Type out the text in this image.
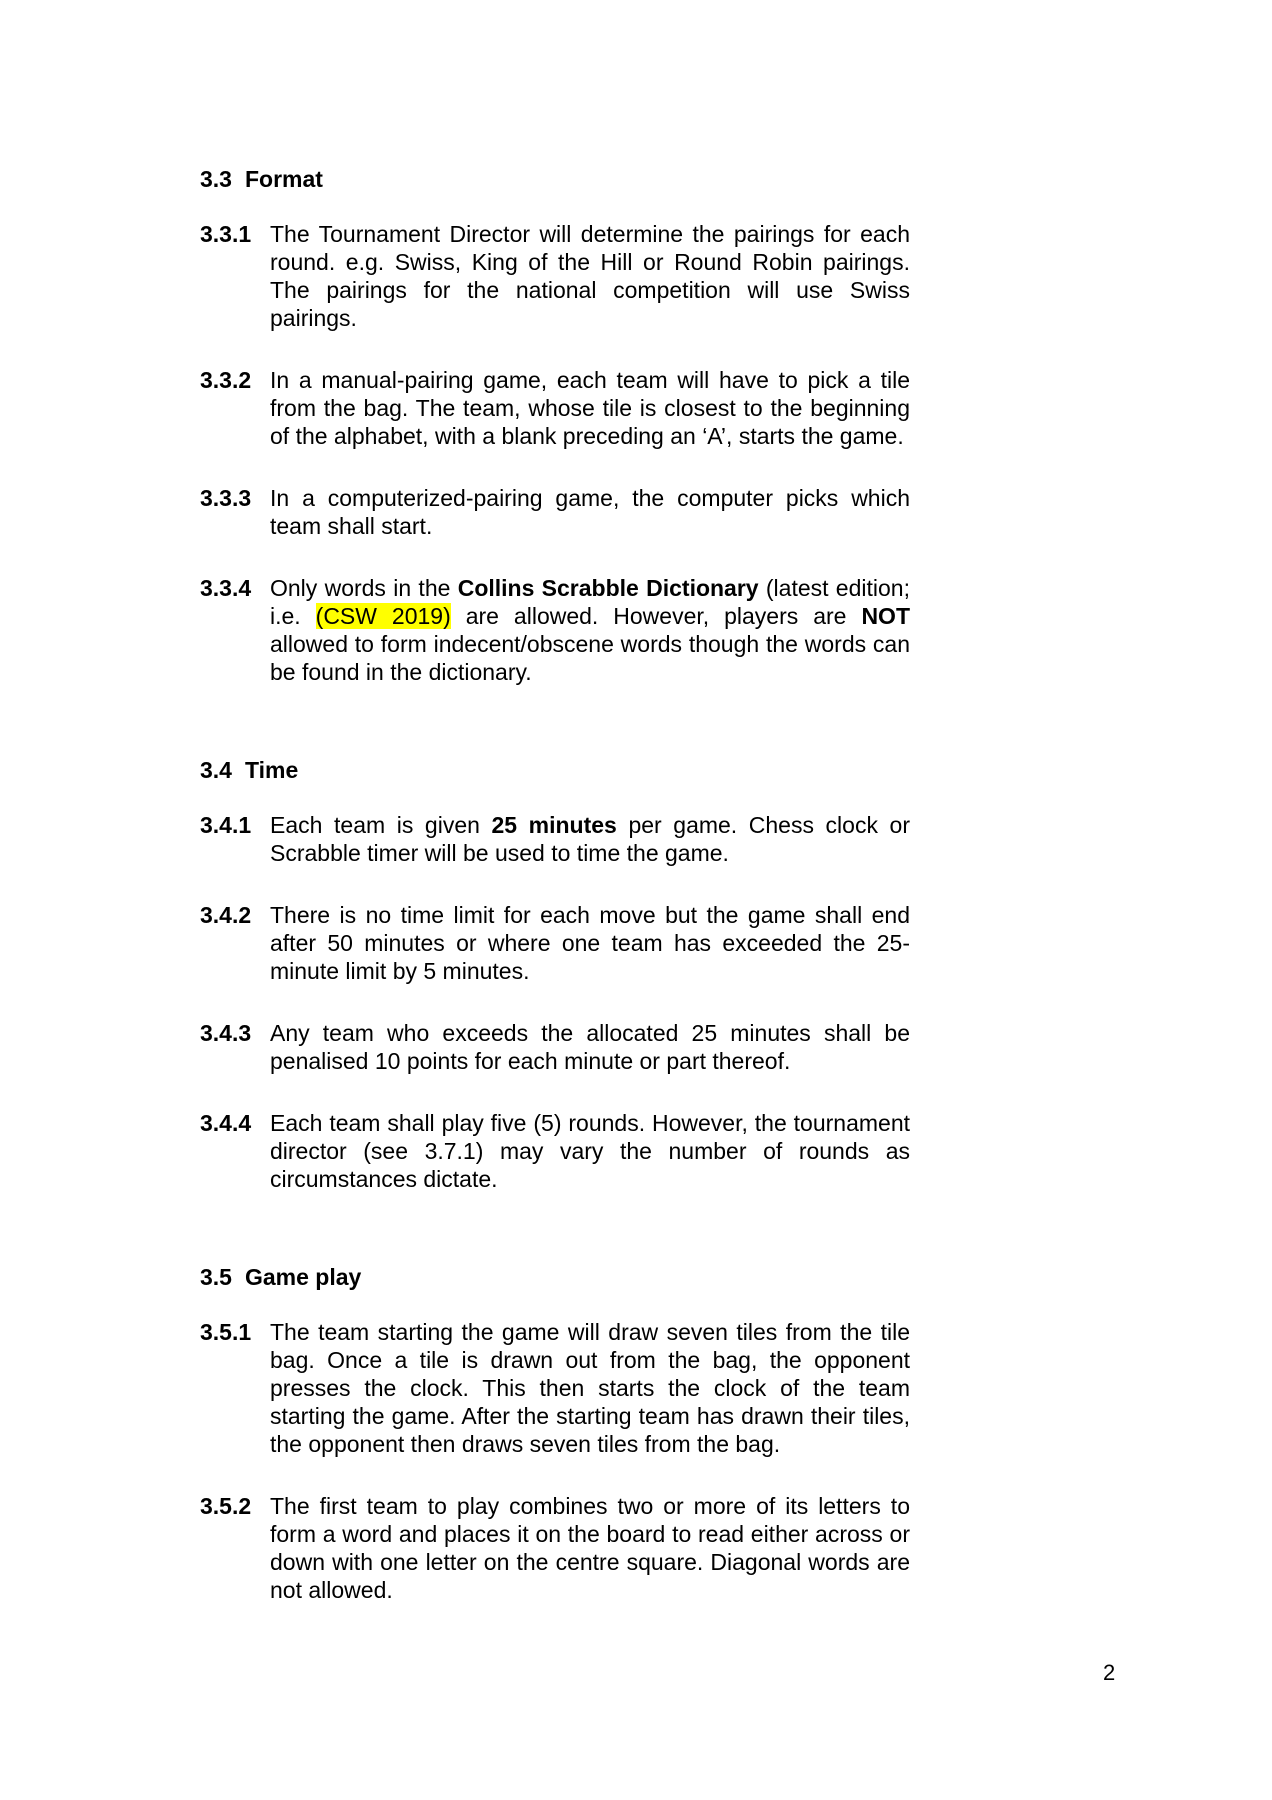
3.3 Format
3.3.1 The Tournament Director will determine the pairings for each round. e.g. Swiss, King of the Hill or Round Robin pairings. The pairings for the national competition will use Swiss pairings.

3.3.2 In a manual-pairing game, each team will have to pick a tile from the bag. The team, whose tile is closest to the beginning of the alphabet, with a blank preceding an ‘A’, starts the game.

3.3.3 In a computerized-pairing game, the computer picks which team shall start.

3.3.4 Only words in the Collins Scrabble Dictionary (latest edition; i.e. (CSW 2019) are allowed. However, players are NOT allowed to form indecent/obscene words though the words can be found in the dictionary.

3.4 Time
3.4.1 Each team is given 25 minutes per game. Chess clock or Scrabble timer will be used to time the game.

3.4.2 There is no time limit for each move but the game shall end after 50 minutes or where one team has exceeded the 25-minute limit by 5 minutes.

3.4.3 Any team who exceeds the allocated 25 minutes shall be penalised 10 points for each minute or part thereof.

3.4.4 Each team shall play five (5) rounds. However, the tournament director (see 3.7.1) may vary the number of rounds as circumstances dictate.

3.5 Game play
3.5.1 The team starting the game will draw seven tiles from the tile bag. Once a tile is drawn out from the bag, the opponent presses the clock. This then starts the clock of the team starting the game. After the starting team has drawn their tiles, the opponent then draws seven tiles from the bag.

3.5.2 The first team to play combines two or more of its letters to form a word and places it on the board to read either across or down with one letter on the centre square. Diagonal words are not allowed.

2
